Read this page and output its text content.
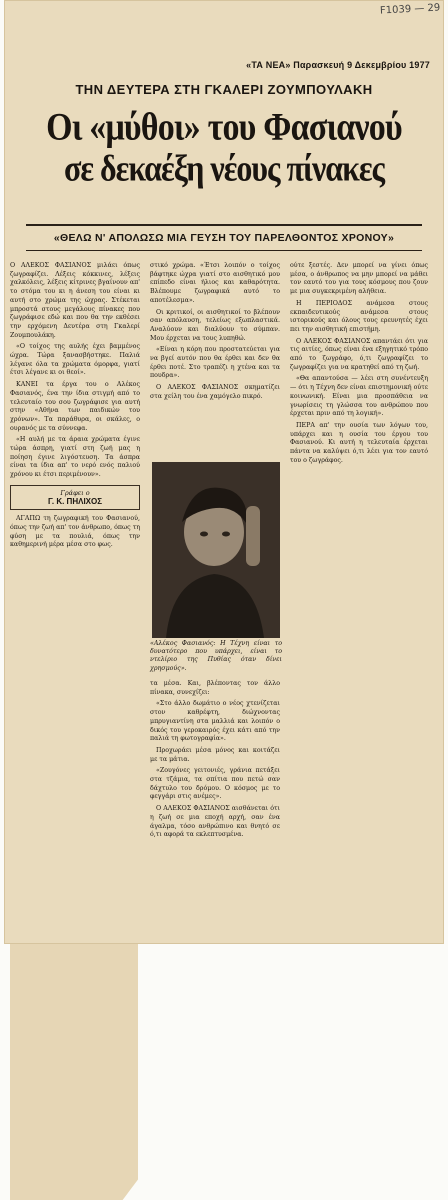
F1039 — 29
«ΤΑ ΝΕΑ» Παρασκευή 9 Δεκεμβρίου 1977
ΤΗΝ ΔΕΥΤΕΡΑ ΣΤΗ ΓΚΑΛΕΡΙ ΖΟΥΜΠΟΥΛΑΚΗ
Οι «μύθοι» του Φασιανού
σε δεκαέξη νέους πίνακες
«ΘΕΛΩ Ν' ΑΠΟΛΩΣΩ ΜΙΑ ΓΕΥΣΗ ΤΟΥ ΠΑΡΕΛΘΟΝΤΟΣ ΧΡΟΝΟΥ»

Ο ΑΛΕΚΟΣ ΦΑΣΙΑΝΟΣ μιλάει όπως ζωγραφίζει. Λέξεις κόκκινες, λέξεις χαλκόλεις, λέξεις κίτρινες βγαίνουν απ' το στόμα του κι η άνεση του είναι κι αυτή στο χρώμα της ώχρας. Στέκεται μπροστά στους μεγάλους πίνακες που ζωγράφισε εδώ και που θα την εκθέσει την ερχόμενη Δευτέρα στη Γκαλερί Ζουμπουλάκη.

«Ο τοίχος της αυλής έχει βαμμένος ώχρα. Τώρα ξανασβήστηκε. Παλιά λέγανε όλα τα χρώματα όμορφα, γιατί έτσι λέγανε κι οι θεοί».

ΚΑΝΕΙ τα έργα του ο Αλέκος Φασιανός, ένα την ίδια στιγμή από το τελευταίο του σου ζωγράφισε για αυτή στην «Αθήνα των παιδικών του χρόνων». Τα παράθυρα, οι σκάλες, ο ουρανός με τα σύννεφα.

«Η αυλή με τα άραια χρώματα έγινε τώρα άσπρη, γιατί στη ζωή μας η ποίηση έγινε λιγόστευση. Τα άσπρα είναι τα ίδια απ' το νερό ενός παλιού χρόνου κι έτσι περιμένουν».

Γράφει ο
Γ. Κ. ΠΗΛΙΧΟΣ

ΑΓΑΠΩ τη ζωγραφική του Φασιανού, όπως την ζωή απ' τον άνθρωπο, όπως τη φύση με τα πουλιά, όπως την καθημερινή μέρα μέσα στο φως.

στικό χρώμα. «Έτσι λοιπόν ο τοίχος βάφτηκε ώχρα γιατί στο αισθητικό μου επίπεδο είναι ήλιος και καθαρότητα. Βλέπουμε ζωγραφικά αυτό το αποτέλεσμα».

Οι κριτικοί, οι αισθητικοί το βλέπουν σαν απόλαυση, τελείως εξωπλαστικά. Αναλύουν και διαλύουν το σύμπαν. Μου έρχεται να τους λυπηθώ.

«Είναι η κόρη που προστατεύεται για να βγεί αυτόν που θα έρθει και δεν θα έρθει ποτέ. Στο τραπέζι η χτένα και τα πουδρα».

Ο ΑΛΕΚΟΣ ΦΑΣΙΑΝΟΣ σκηματίζει στα χείλη του ένα χαμόγελο πικρό.

«Αλέκος Φασιανός: Η Τέχνη είναι το δυνατότερο που υπάρχει, είναι το ντελίριο της Πυθίας όταν δίνει χρησμούς».

τα μέσα. Και, βλέποντας τον άλλο πίνακα, συνεχίζει:

«Στο άλλο δωμάτιο ο νέος χτενίζεται στον καθρέφτη, διώχνοντας μπρυγιαντίνη στα μαλλιά και λοιπόν ο δικός του γεροκαιρός έχει κάτι από την παλιά τη φωτογραφία».

Προχωράει μέσα μόνος και κοιτάζει με τα μάτια.

«Ζουγόνες γειτονιές, γράνια πετάξει στα τζάμια, τα σπίτια που πετώ σαν δάχτυλο του δρόμου. Ο κόσμος με το φεγγάρι στις ανέμες».

Ο ΑΛΕΚΟΣ ΦΑΣΙΑΝΟΣ αισθάνεται ότι η ζωή σε μια εποχή αρχή, σαν ένα άγαλμα, τόσο ανθρώπινο και θνητό σε ό,τι αφορά τα εκλεπτυσμένα.

ούτε ξεστές. Δεν μπορεί να γίνει όπως μέσα, ο άνθρωπος να μην μπορεί να μάθει τον εαυτό του για τους κόσμους που ζουν με μια συγκεκριμένη αλήθεια.

Η ΠΕΡΙΟΔΟΣ ανάμεσα στους εκπαιδευτικούς ανάμεσα στους ιστορικούς και όλους τους ερευνητές έχει πει την αισθητική επιστήμη.

Ο ΑΛΕΚΟΣ ΦΑΣΙΑΝΟΣ απαντάει ότι για τις αιτίες, όπως είναι ένα εξηγητικό τρόπο από το ζωγράφο, ό,τι ζωγραφίζει το ζωγραφίζει για να κρατηθεί από τη ζωή.

«Θα απαντούσα — λέει στη συνέντευξη — ότι η Τέχνη δεν είναι επιστημονική ούτε κοινωνική. Είναι μια προσπάθεια να γνωρίσεις τη γλώσσα του ανθρώπου που έρχεται πριν από τη λογική».

ΠΕΡΑ απ' την ουσία των λόγων του, υπάρχει και η ουσία του έργου του Φασιανού. Κι αυτή η τελευταία έρχεται πάντα να καλύψει ό,τι λέει για τον εαυτό του ο ζωγράφος.
